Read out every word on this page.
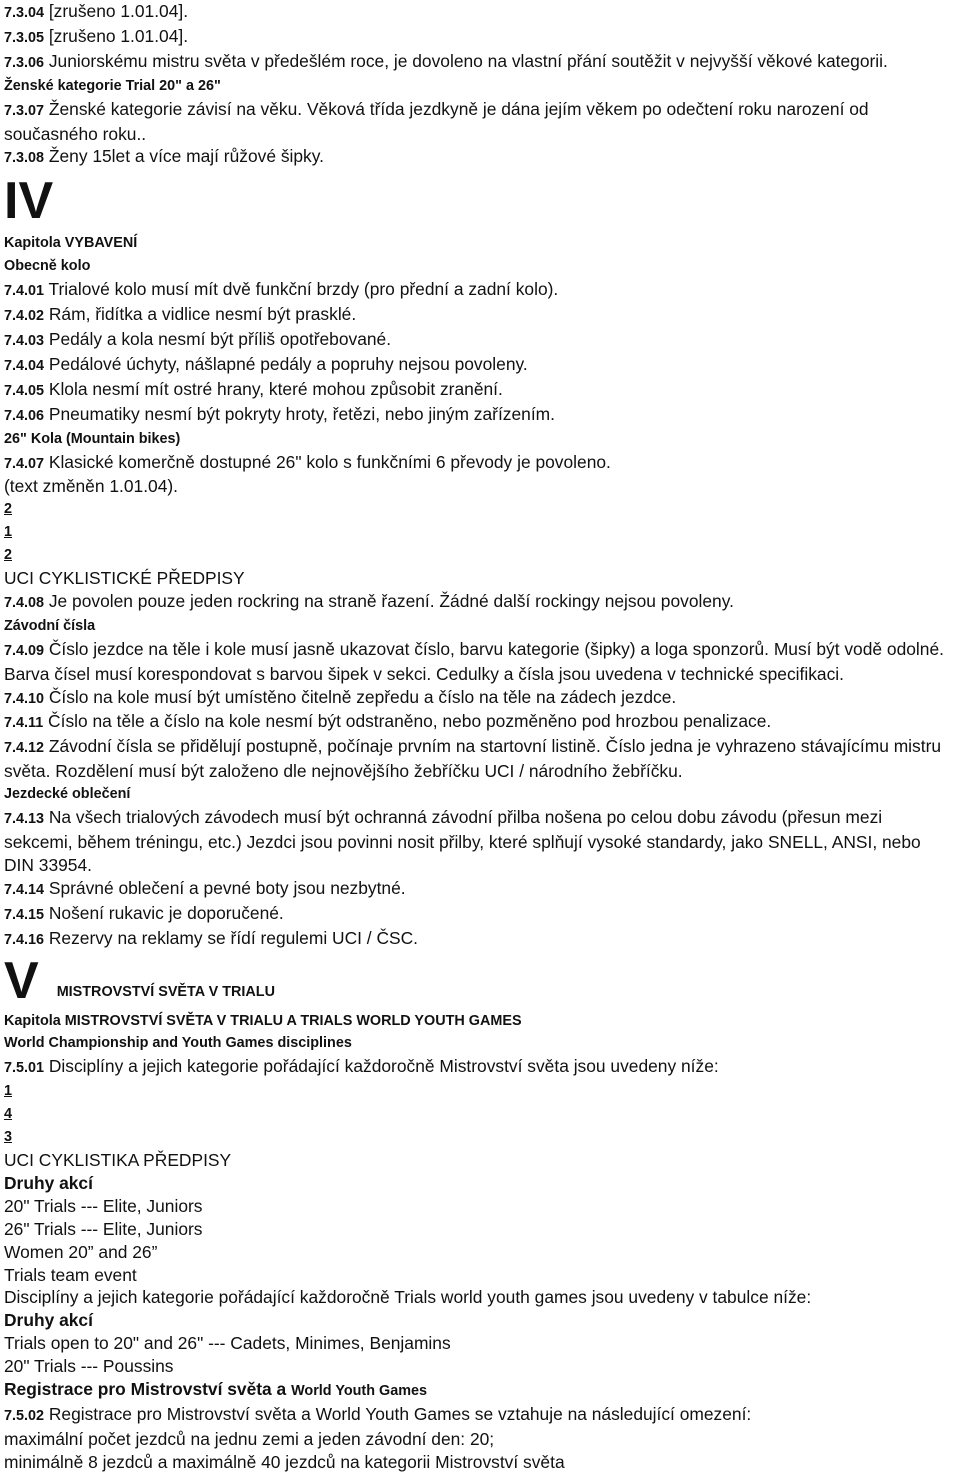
7.3.04 [zrušeno 1.01.04].

7.3.05 [zrušeno 1.01.04].

7.3.06 Juniorskému mistru světa v předešlém roce, je dovoleno na vlastní přání soutěžit v nejvyšší věkové kategorii.

Ženské kategorie Trial 20" a 26"

7.3.07 Ženské kategorie závisí na věku. Věková třída jezdkyně je dána jejím věkem po odečtení roku narození od současného roku..

7.3.08 Ženy 15let a více mají růžové šipky.

IV

Kapitola VYBAVENÍ

Obecně kolo

7.4.01 Trialové kolo musí mít dvě funkční brzdy (pro přední a zadní kolo).

7.4.02 Rám, řidítka a vidlice nesmí být prasklé.

7.4.03 Pedály a kola nesmí být příliš opotřebované.

7.4.04 Pedálové úchyty, nášlapné pedály a popruhy nejsou povoleny.

7.4.05 Klola nesmí mít ostré hrany, které mohou způsobit zranění.

7.4.06 Pneumatiky nesmí být pokryty hroty, řetězi, nebo jiným zařízením.

26" Kola (Mountain bikes)

7.4.07 Klasické komerčně dostupné 26" kolo s funkčními 6 převody je povoleno.

(text změněn 1.01.04).

2

1

2

UCI CYKLISTICKÉ PŘEDPISY

7.4.08 Je povolen pouze jeden rockring na straně řazení. Žádné další rockingy nejsou povoleny.

Závodní čísla

7.4.09 Číslo jezdce na těle i kole musí jasně ukazovat číslo, barvu kategorie (šipky) a loga sponzorů. Musí být vodě odolné. Barva čísel musí korespondovat s barvou šipek v sekci. Cedulky a čísla jsou uvedena v technické specifikaci.

7.4.10 Číslo na kole musí být umístěno čitelně zepředu a číslo na těle na zádech jezdce.

7.4.11 Číslo na těle a číslo na kole nesmí být odstraněno, nebo pozměněno pod hrozbou penalizace.

7.4.12 Závodní čísla se přidělují postupně, počínaje prvním na startovní listině. Číslo jedna je vyhrazeno stávajícímu mistru světa. Rozdělení musí být založeno dle nejnovějšího žebříčku UCI / národního žebříčku.

Jezdecké oblečení

7.4.13 Na všech trialových závodech musí být ochranná závodní přilba nošena po celou dobu závodu (přesun mezi sekcemi, během tréningu, etc.) Jezdci jsou povinni nosit přilby, které splňují vysoké standardy, jako SNELL, ANSI, nebo DIN 33954.

7.4.14 Správné oblečení a pevné boty jsou nezbytné.

7.4.15 Nošení rukavic je doporučené.

7.4.16 Rezervy na reklamy se řídí regulemi UCI / ČSC.

V MISTROVSTVÍ SVĚTA V TRIALU

Kapitola MISTROVSTVÍ SVĚTA V TRIALU A TRIALS WORLD YOUTH GAMES

World Championship and Youth Games disciplines

7.5.01 Disciplíny a jejich kategorie pořádající každoročně Mistrovství světa jsou uvedeny níže:

1

4

3

UCI CYKLISTIKA PŘEDPISY

Druhy akcí

20" Trials --- Elite, Juniors

26" Trials --- Elite, Juniors

Women 20” and 26”

Trials team event

Disciplíny a jejich kategorie pořádající každoročně Trials world youth games jsou uvedeny v tabulce níže:

Druhy akcí

Trials open to 20" and 26" --- Cadets, Minimes, Benjamins

20" Trials --- Poussins

Registrace pro Mistrovství světa a World Youth Games

7.5.02 Registrace pro Mistrovství světa a World Youth Games se vztahuje na následující omezení:

maximální počet jezdců na jednu zemi a jeden závodní den: 20;

minimálně 8 jezdců a maximálně 40 jezdců na kategorii Mistrovství světa
